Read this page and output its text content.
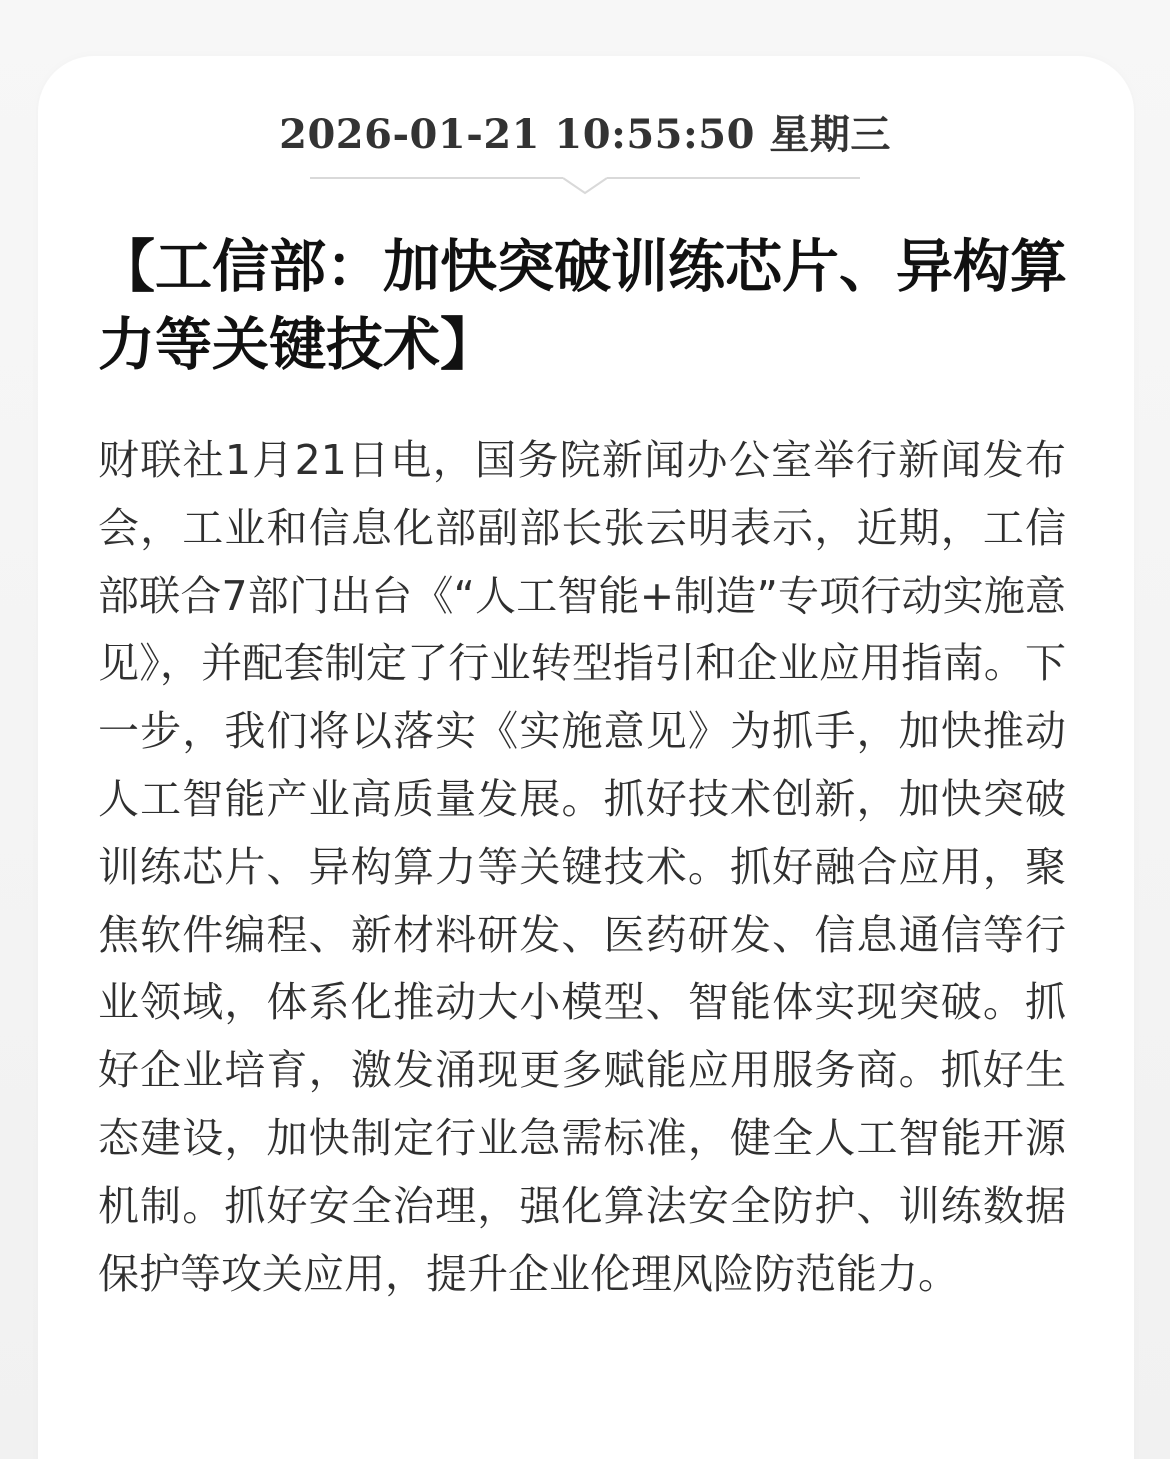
2026-01-21 10:55:50 星期三
【工信部：加快突破训练芯片、异构算力等关键技术】

财联社1月21日电，国务院新闻办公室举行新闻发布会，工业和信息化部副部长张云明表示，近期，工信部联合7部门出台《“人工智能+制造”专项行动实施意见》，并配套制定了行业转型指引和企业应用指南。下一步，我们将以落实《实施意见》为抓手，加快推动人工智能产业高质量发展。抓好技术创新，加快突破训练芯片、异构算力等关键技术。抓好融合应用，聚焦软件编程、新材料研发、医药研发、信息通信等行业领域，体系化推动大小模型、智能体实现突破。抓好企业培育，激发涌现更多赋能应用服务商。抓好生态建设，加快制定行业急需标准，健全人工智能开源机制。抓好安全治理，强化算法安全防护、训练数据保护等攻关应用，提升企业伦理风险防范能力。
